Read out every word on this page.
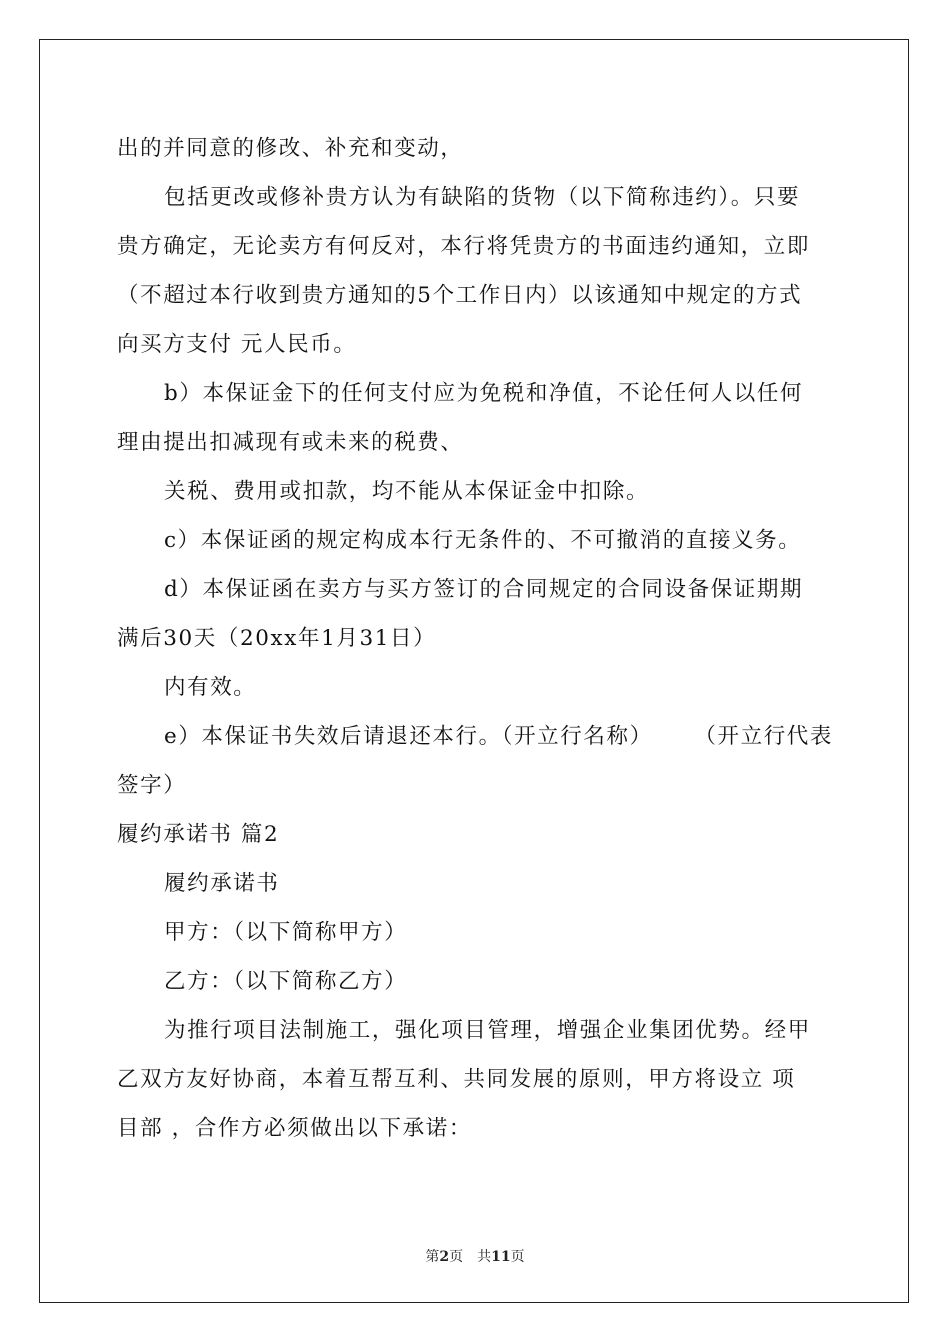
出的并同意的修改、补充和变动，

包括更改或修补贵方认为有缺陷的货物（以下简称违约）。只要

贵方确定，无论卖方有何反对，本行将凭贵方的书面违约通知，立即

（不超过本行收到贵方通知的5个工作日内）以该通知中规定的方式

向买方支付 元人民币。

b）本保证金下的任何支付应为免税和净值，不论任何人以任何

理由提出扣减现有或未来的税费、

关税、费用或扣款，均不能从本保证金中扣除。

c）本保证函的规定构成本行无条件的、不可撤消的直接义务。

d）本保证函在卖方与买方签订的合同规定的合同设备保证期期

满后30天（20xx年1月31日）

内有效。

e）本保证书失效后请退还本行。（开立行名称） （开立行代表

签字）

履约承诺书 篇2

履约承诺书

甲方：（以下简称甲方）

乙方：（以下简称乙方）

为推行项目法制施工，强化项目管理，增强企业集团优势。经甲

乙双方友好协商，本着互帮互利、共同发展的原则，甲方将设立 项

目部 ，合作方必须做出以下承诺：

第2页　共11页
